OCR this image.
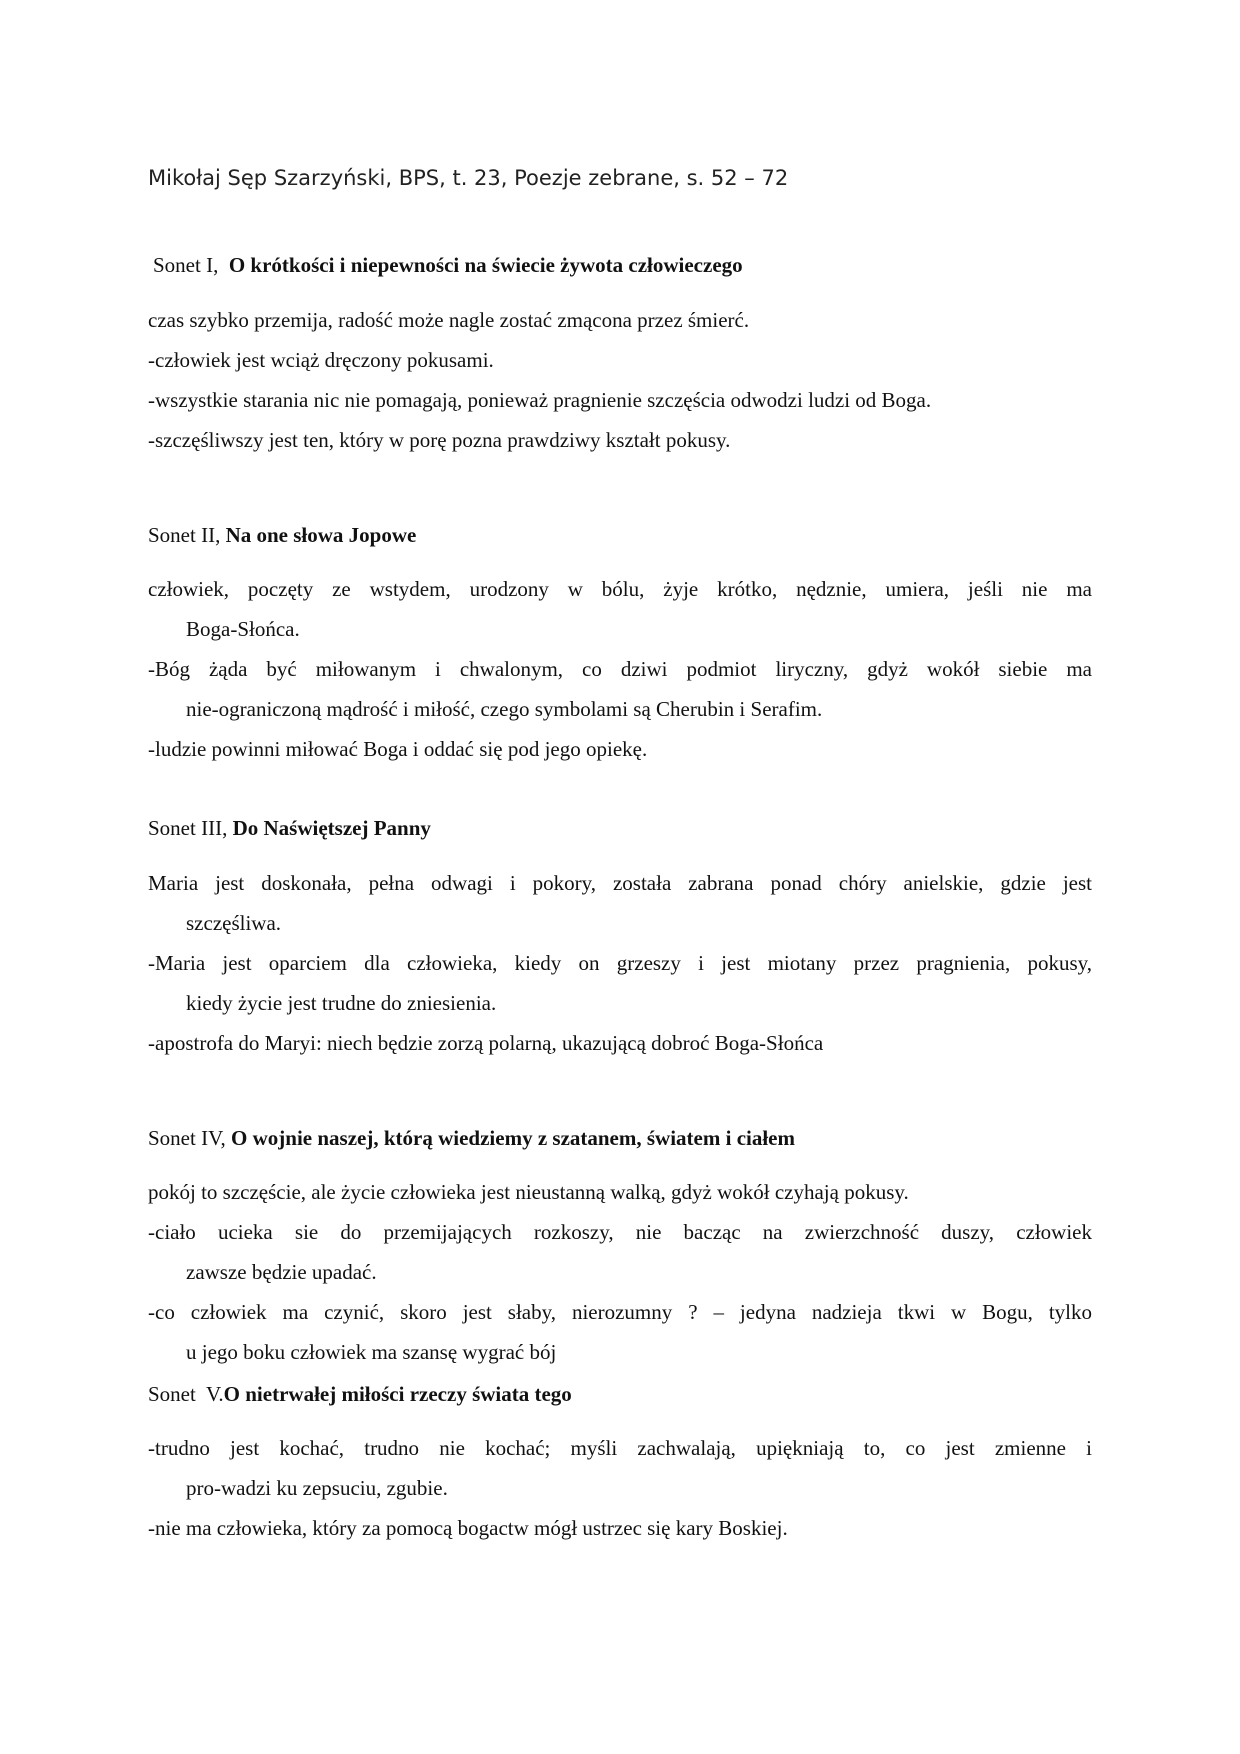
Mikołaj Sęp Szarzyński, BPS, t. 23, Poezje zebrane, s. 52 – 72
Sonet I, O krótkości i niepewności na świecie żywota człowieczego
czas szybko przemija, radość może nagle zostać zmącona przez śmierć.
-człowiek jest wciąż dręczony pokusami.
-wszystkie starania nic nie pomagają, ponieważ pragnienie szczęścia odwodzi ludzi od Boga.
-szczęśliwszy jest ten, który w porę pozna prawdziwy kształt pokusy.
Sonet II, Na one słowa Jopowe
człowiek, poczęty ze wstydem, urodzony w bólu, żyje krótko, nędznie, umiera, jeśli nie ma
Boga-Słońca.
-Bóg żąda być miłowanym i chwalonym, co dziwi podmiot liryczny, gdyż wokół siebie ma
nie-ograniczoną mądrość i miłość, czego symbolami są Cherubin i Serafim.
-ludzie powinni miłować Boga i oddać się pod jego opiekę.
Sonet III, Do Naświętszej Panny
Maria jest doskonała, pełna odwagi i pokory, została zabrana ponad chóry anielskie, gdzie jest
szczęśliwa.
-Maria jest oparciem dla człowieka, kiedy on grzeszy i jest miotany przez pragnienia, pokusy,
kiedy życie jest trudne do zniesienia.
-apostrofa do Maryi: niech będzie zorzą polarną, ukazującą dobroć Boga-Słońca
Sonet IV, O wojnie naszej, którą wiedziemy z szatanem, światem i ciałem
pokój to szczęście, ale życie człowieka jest nieustanną walką, gdyż wokół czyhają pokusy.
-ciało ucieka sie do przemijających rozkoszy, nie bacząc na zwierzchność duszy, człowiek
zawsze będzie upadać.
-co człowiek ma czynić, skoro jest słaby, nierozumny ? – jedyna nadzieja tkwi w Bogu, tylko
u jego boku człowiek ma szansę wygrać bój
Sonet  V.O nietrwałej miłości rzeczy świata tego
-trudno jest kochać, trudno nie kochać; myśli zachwalają, upiękniają to, co jest zmienne i
pro-wadzi ku zepsuciu, zgubie.
-nie ma człowieka, który za pomocą bogactw mógł ustrzec się kary Boskiej.
